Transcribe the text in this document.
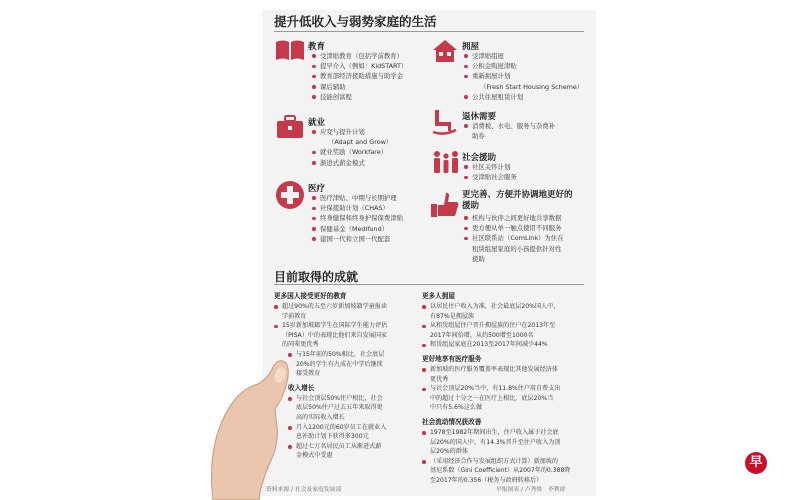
提升低收入与弱势家庭的生活
教育
受津贴教育（包括学前教育）
提早介入（例如：KidSTART）
教育部经济援助措施与助学金
课后辅助
技能创富程
就业
应变与提升计划
（Adapt and Grow）
就业奖励（Workfare）
渐进式薪金模式
医疗
医疗津贴、中期与长期护理
社保援助计划（CHAS）
终身健保和终身护保保费津贴
保健基金（Medifund）
建国一代和立国一代配套
拥屋
受津贴组屋
公积金购屋津贴
重新拥屋计划
（Fresh Start Housing Scheme）
公共住屋租赁计划
退休需要
消费税、水电、服务与杂费补
助券
社会援助
社区关怀计划
受津贴社会服务
更完善、方便并协调地更好的
援助
机构与伙伴之间更好地共享数据
更方便从单一触点使用不同服务
社区联系站（ComLink）为住在
租赁组屋家庭的小孩提供针对性
援助
目前取得的成就
更多国人接受更好的教育
超过90%的五至六岁新加坡籍学童报读
学前教育
15岁新加坡籍学生在国际学生能力评估
（PISA）中的表现比他们来自发展国家
的同辈更优秀
与15年前的50%相比，社会底层
20%的学生有九成在中学后继续
接受教育
收入增长
与社会顶层50%住户相比，社会
底层50%住户过去五年来取得更
高的实际收入增长
月入1200元的60岁员工在就业入
息补助计划下获得多300元
超过七万名居民员工从渐进式薪
金模式中受惠
更多人拥屋
以居民住户收入为准，社会最底层20%国人中，
有87%是拥屋族
从租赁组屋住户晋升拥屋族的住户在2013年至
2017年间倍增，从约500增至1000名
租赁组屋家庭在2013至2017年间减少44%
更好地享有医疗服务
新加坡的医疗服务覆盖率表现比其他发展经济体
更优秀
与社会顶层20%当中，有11.8%住户用自费支出
中的超过十分之一在医疗上相比，底层20%当
中只有5.6%这么做
社会流动情况获改善
1978至1982年期间出生，住户收入属于社会底
层20%的国人中，有14.3%晋升至住户收入为顶
层20%的群体
（采用经济合作与发展组织方式计算）新加坡的
基尼系数（Gini Coefficient）从2007年的0.388降
至2017年的0.356（税务与政府转移后）
资料来源 / 社会及家庭发展部	早报图表 / 卢秀维　李利群
早
